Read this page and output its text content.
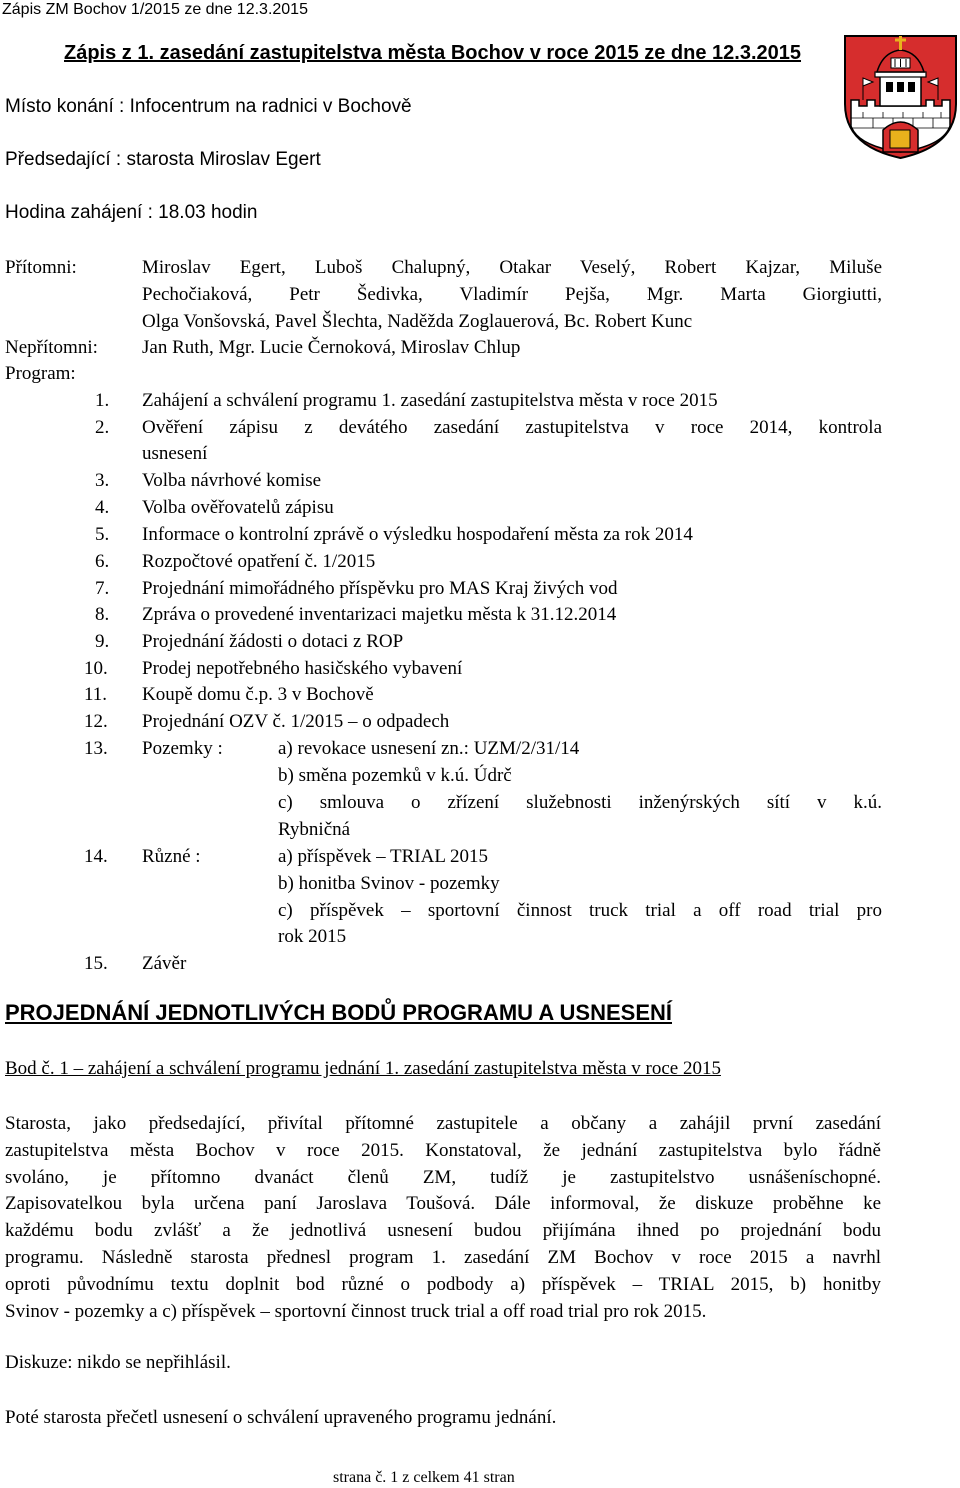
Zápis ZM Bochov 1/2015 ze dne 12.3.2015
Zápis z 1. zasedání zastupitelstva města Bochov v roce 2015 ze dne 12.3.2015
Místo konání : Infocentrum na radnici v Bochově
Předsedající : starosta Miroslav Egert
Hodina zahájení : 18.03 hodin
Přítomni:	Miroslav Egert, Luboš Chalupný, Otakar Veselý, Robert Kajzar, Miluše
Pechočiaková, Petr Šedivka, Vladimír Pejša, Mgr. Marta Giorgiutti,
Olga Vonšovská, Pavel Šlechta, Naděžda Zoglauerová, Bc. Robert Kunc
Nepřítomni: Jan Ruth, Mgr. Lucie Černoková, Miroslav Chlup
Program:
1.	Zahájení a schválení programu 1. zasedání zastupitelstva města v roce 2015
2.	Ověření zápisu z devátého zasedání zastupitelstva v roce 2014, kontrola
usnesení
3.	Volba návrhové komise
4.	Volba ověřovatelů zápisu
5.	Informace o kontrolní zprávě o výsledku hospodaření města za rok 2014
6.	Rozpočtové opatření č. 1/2015
7.	Projednání mimořádného příspěvku pro MAS Kraj živých vod
8.	Zpráva o provedené inventarizaci majetku města k 31.12.2014
9.	Projednání žádosti o dotaci z ROP
10.	Prodej nepotřebného hasičského vybavení
11.	Koupě domu č.p. 3 v Bochově
12.	Projednání OZV č. 1/2015 – o odpadech
13.	Pozemky :	a) revokace usnesení zn.: UZM/2/31/14
b) směna pozemků v k.ú. Údrč
c) smlouva o zřízení služebnosti inženýrských sítí v k.ú.
Rybničná
14.	Různé :	a) příspěvek – TRIAL 2015
b) honitba Svinov - pozemky
c) příspěvek – sportovní činnost truck trial a off road trial pro
rok 2015
15.	Závěr
PROJEDNÁNÍ JEDNOTLIVÝCH BODŮ PROGRAMU A USNESENÍ
Bod č. 1 – zahájení a schválení programu jednání 1. zasedání zastupitelstva města v roce 2015
Starosta, jako předsedající, přivítal přítomné zastupitele a občany a zahájil první zasedání
zastupitelstva města Bochov v roce 2015. Konstatoval, že jednání zastupitelstva bylo řádně
svoláno, je přítomno dvanáct členů ZM, tudíž je zastupitelstvo usnášeníschopné.
Zapisovatelkou byla určena paní Jaroslava Toušová. Dále informoval, že diskuze proběhne ke
každému bodu zvlášť a že jednotlivá usnesení budou přijímána ihned po projednání bodu
programu. Následně starosta přednesl program 1. zasedání ZM Bochov v roce 2015 a navrhl
oproti původnímu textu doplnit bod různé o podbody a) příspěvek – TRIAL 2015, b) honitby
Svinov - pozemky a c) příspěvek – sportovní činnost truck trial a off road trial pro rok 2015.
Diskuze: nikdo se nepřihlásil.
Poté starosta přečetl usnesení o schválení upraveného programu jednání.
strana č. 1 z celkem 41 stran
